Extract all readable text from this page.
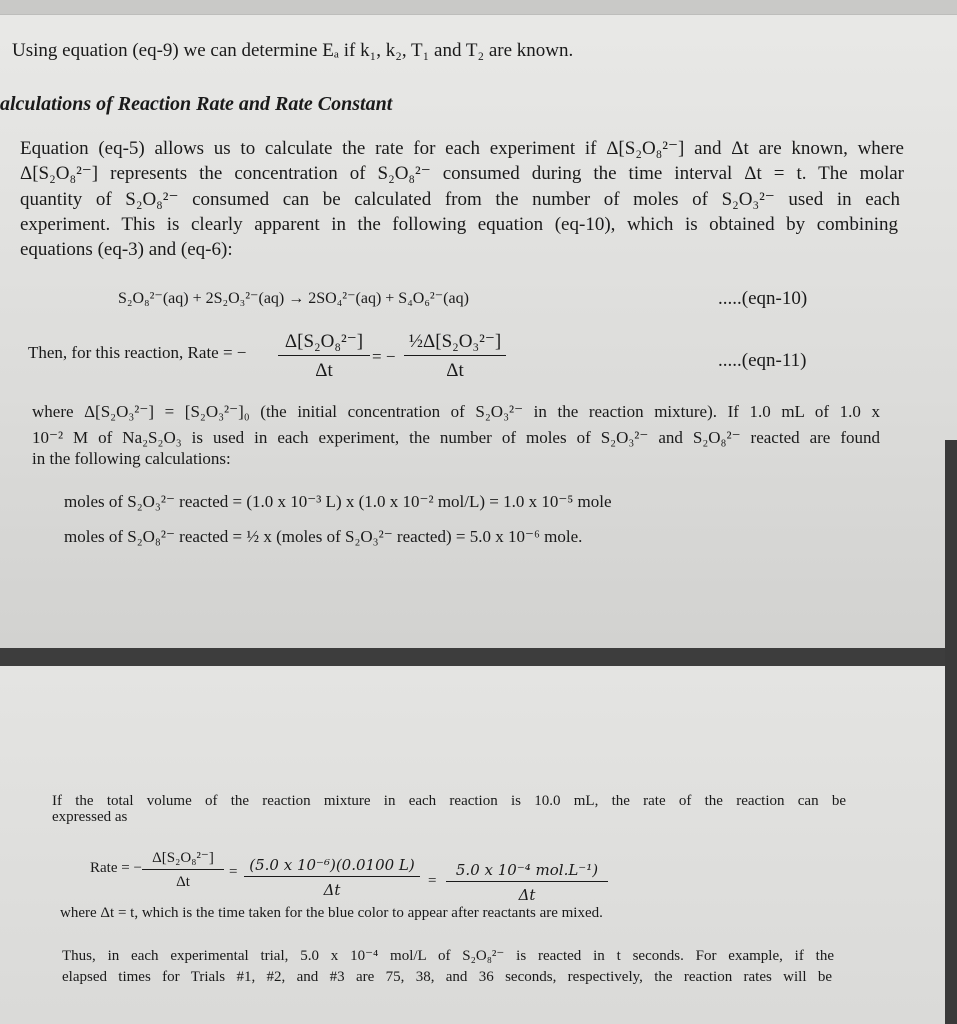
Using equation (eq-9) we can determine Eₐ if k₁, k₂, T₁ and T₂ are known.
alculations of Reaction Rate and Rate Constant
Equation (eq-5) allows us to calculate the rate for each experiment if Δ[S₂O₈²⁻] and Δt are known, where
Δ[S₂O₈²⁻] represents the concentration of S₂O₈²⁻ consumed during the time interval Δt = t. The molar
quantity of S₂O₈²⁻ consumed can be calculated from the number of moles of S₂O₃²⁻ used in each
experiment. This is clearly apparent in the following equation (eq-10), which is obtained by combining
equations (eq-3) and (eq-6):
S₂O₈²⁻(aq) + 2S₂O₃²⁻(aq) → 2SO₄²⁻(aq) + S₄O₆²⁻(aq)	.....(eqn-10)
Then, for this reaction, Rate = − $\frac{\text{Δ[S₂O₈²⁻]}}{\Delta t}$ = − $\frac{\text{½Δ[S₂O₃²⁻]}}{\Delta t}$	.....(eqn-11)
where Δ[S₂O₃²⁻] = [S₂O₃²⁻]₀ (the initial concentration of S₂O₃²⁻ in the reaction mixture). If 1.0 mL of 1.0 x
10⁻² M of Na₂S₂O₃ is used in each experiment, the number of moles of S₂O₃²⁻ and S₂O₈²⁻ reacted are found
in the following calculations:
moles of S₂O₃²⁻ reacted = (1.0 x 10⁻³ L) x (1.0 x 10⁻² mol/L) = 1.0 x 10⁻⁵ mole
moles of S₂O₈²⁻ reacted = ½ x (moles of S₂O₃²⁻ reacted) = 5.0 x 10⁻⁶ mole.
If the total volume of the reaction mixture in each reaction is 10.0 mL, the rate of the reaction can be
expressed as
Rate = − $\frac{\text{Δ[S₂O₈²⁻]}}{\Delta t} = \frac{\text{(5.0 x 10⁻⁶)(0.0100 L)}}{\Delta t}$ =
5.0 x 10⁻⁴ mol.L⁻¹)
Δt
where Δt = t, which is the time taken for the blue color to appear after reactants are mixed.
Thus, in each experimental trial, 5.0 x 10⁻⁴ mol/L of S₂O₈²⁻ is reacted in t seconds. For example, if the
elapsed times for Trials #1, #2, and #3 are 75, 38, and 36 seconds, respectively, the reaction rates will be
